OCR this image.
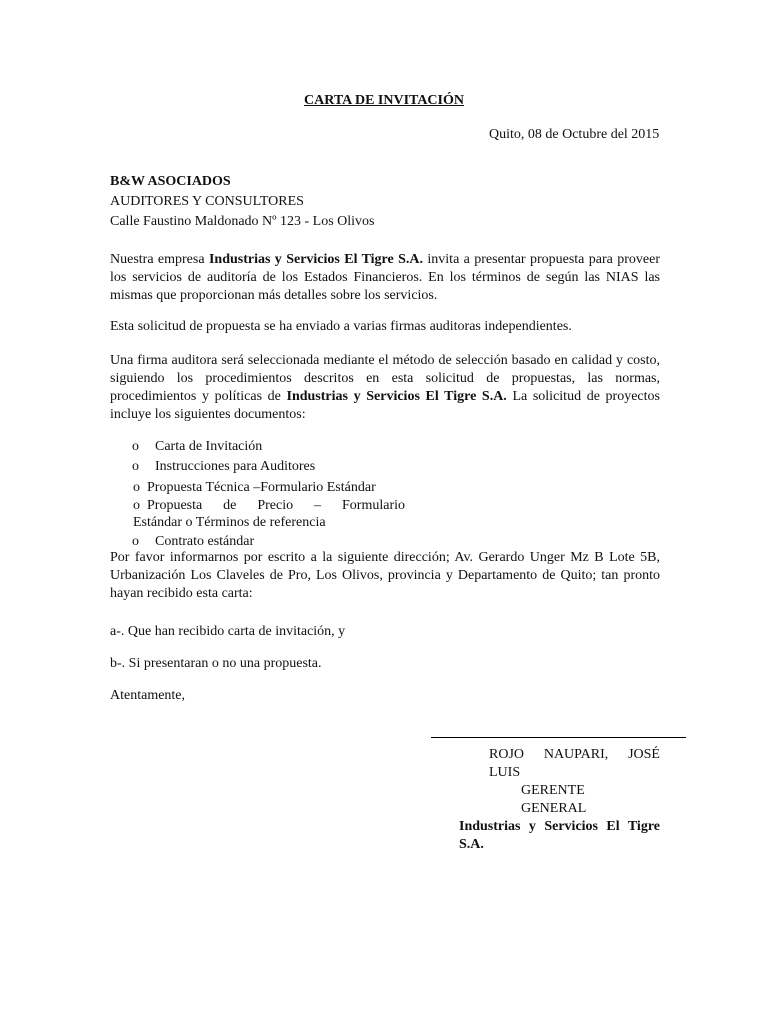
CARTA DE INVITACIÓN
Quito, 08 de Octubre del 2015
B&W ASOCIADOS
AUDITORES Y CONSULTORES
Calle Faustino Maldonado Nº 123 - Los Olivos
Nuestra empresa Industrias y Servicios El Tigre S.A. invita a presentar propuesta para proveer los servicios de auditoría de los Estados Financieros. En los términos de según las NIAS las mismas que proporcionan más detalles sobre los servicios.
Esta solicitud de propuesta se ha enviado a varias firmas auditoras independientes.
Una firma auditora será seleccionada mediante el método de selección basado en calidad y costo, siguiendo los procedimientos descritos en esta solicitud de propuestas, las normas, procedimientos y políticas de Industrias y Servicios El Tigre S.A. La solicitud de proyectos incluye los siguientes documentos:
o Carta de Invitación
o Instrucciones para Auditores
o Propuesta Técnica –Formulario Estándar
o Propuesta de Precio – Formulario
Estándar o Términos de referencia
o Contrato estándar
Por favor informarnos por escrito a la siguiente dirección; Av. Gerardo Unger Mz B Lote 5B, Urbanización Los Claveles de Pro, Los Olivos, provincia y Departamento de Quito; tan pronto hayan recibido esta carta:
a-. Que han recibido carta de invitación, y
b-. Si presentaran o no una propuesta.
Atentamente,
ROJO NAUPARI, JOSÉ LUIS
GERENTE GENERAL
Industrias y Servicios El Tigre S.A.
